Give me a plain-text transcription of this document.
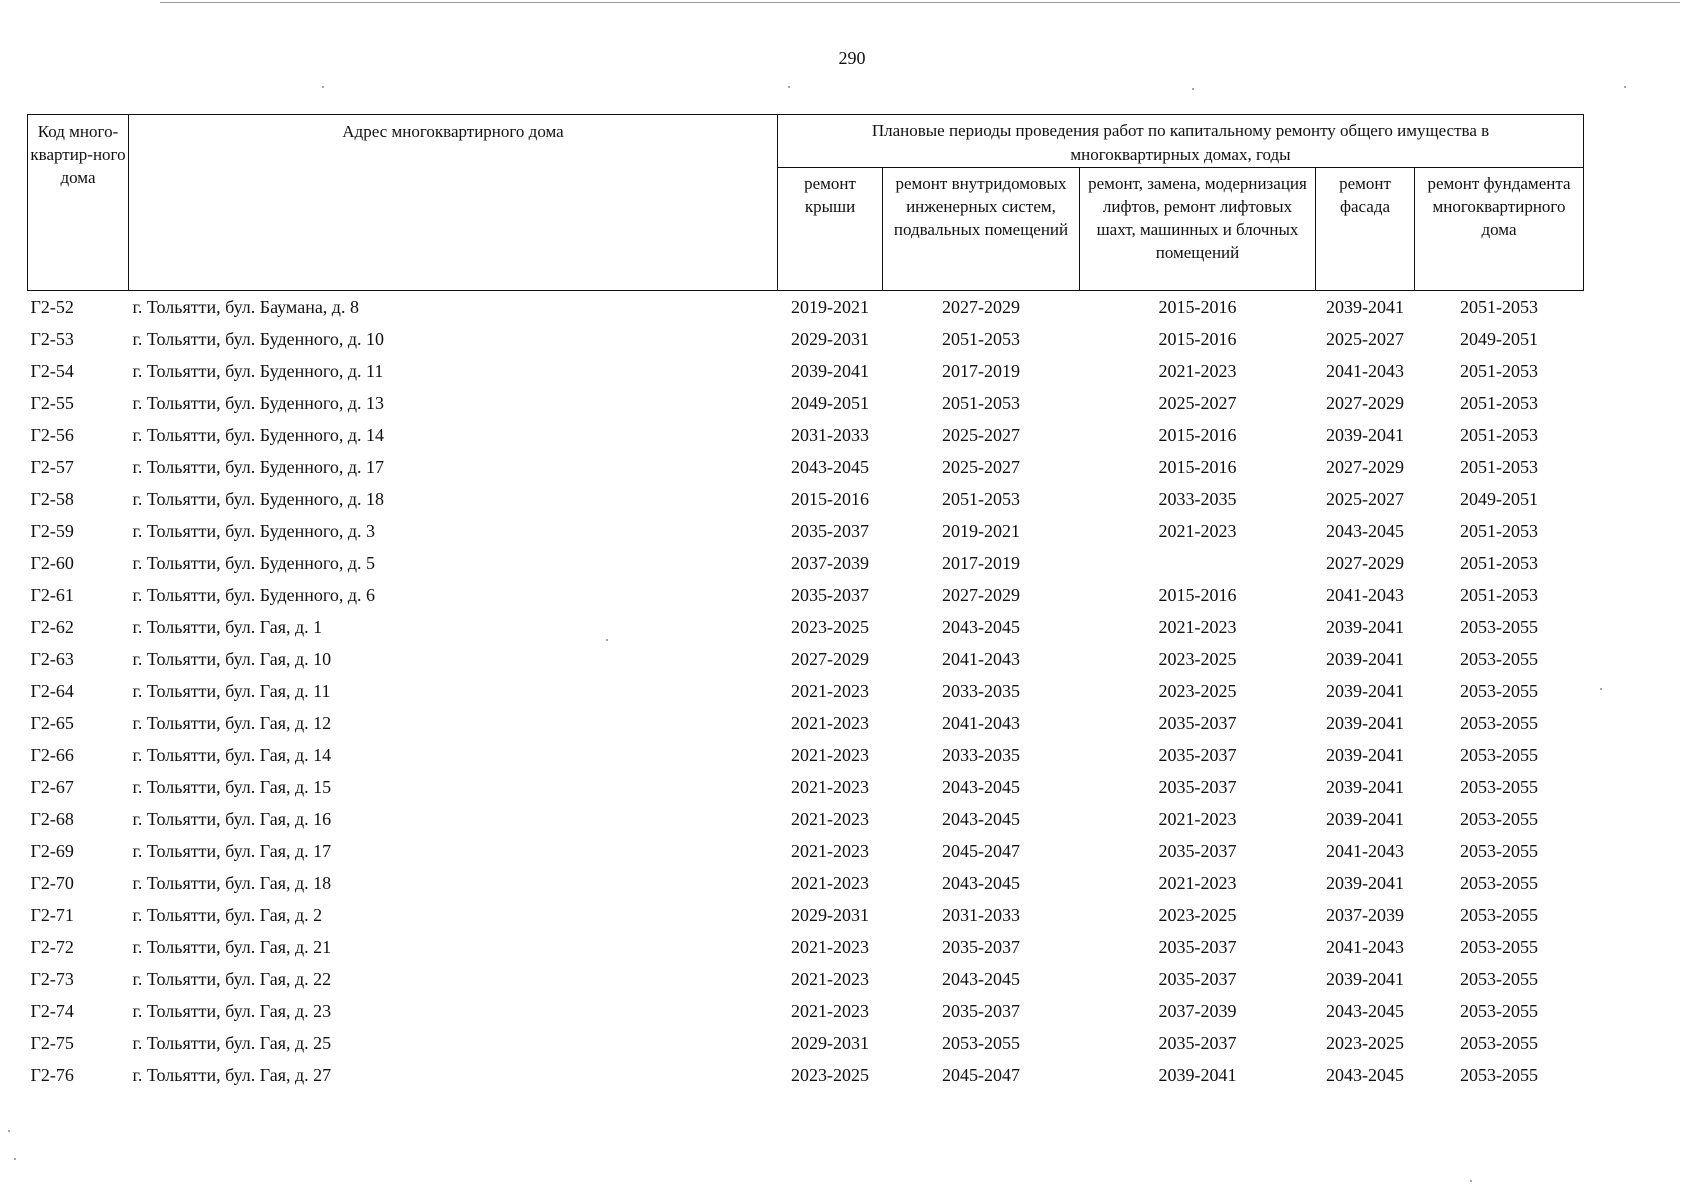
290
Код много-квартир-ного дома	Адрес многоквартирного дома	Плановые периоды проведения работ по капитальному ремонту общего имущества в многоквартирных домах, годы				
		ремонт крыши	ремонт внутридомовых инженерных систем, подвальных помещений	ремонт, замена, модернизация лифтов, ремонт лифтовых шахт, машинных и блочных помещений	ремонт фасада	ремонт фундамента многоквартирного дома
Г2-52	г. Тольятти, бул. Баумана, д. 8	2019-2021	2027-2029	2015-2016	2039-2041	2051-2053
Г2-53	г. Тольятти, бул. Буденного, д. 10	2029-2031	2051-2053	2015-2016	2025-2027	2049-2051
Г2-54	г. Тольятти, бул. Буденного, д. 11	2039-2041	2017-2019	2021-2023	2041-2043	2051-2053
Г2-55	г. Тольятти, бул. Буденного, д. 13	2049-2051	2051-2053	2025-2027	2027-2029	2051-2053
Г2-56	г. Тольятти, бул. Буденного, д. 14	2031-2033	2025-2027	2015-2016	2039-2041	2051-2053
Г2-57	г. Тольятти, бул. Буденного, д. 17	2043-2045	2025-2027	2015-2016	2027-2029	2051-2053
Г2-58	г. Тольятти, бул. Буденного, д. 18	2015-2016	2051-2053	2033-2035	2025-2027	2049-2051
Г2-59	г. Тольятти, бул. Буденного, д. 3	2035-2037	2019-2021	2021-2023	2043-2045	2051-2053
Г2-60	г. Тольятти, бул. Буденного, д. 5	2037-2039	2017-2019		2027-2029	2051-2053
Г2-61	г. Тольятти, бул. Буденного, д. 6	2035-2037	2027-2029	2015-2016	2041-2043	2051-2053
Г2-62	г. Тольятти, бул. Гая, д. 1	2023-2025	2043-2045	2021-2023	2039-2041	2053-2055
Г2-63	г. Тольятти, бул. Гая, д. 10	2027-2029	2041-2043	2023-2025	2039-2041	2053-2055
Г2-64	г. Тольятти, бул. Гая, д. 11	2021-2023	2033-2035	2023-2025	2039-2041	2053-2055
Г2-65	г. Тольятти, бул. Гая, д. 12	2021-2023	2041-2043	2035-2037	2039-2041	2053-2055
Г2-66	г. Тольятти, бул. Гая, д. 14	2021-2023	2033-2035	2035-2037	2039-2041	2053-2055
Г2-67	г. Тольятти, бул. Гая, д. 15	2021-2023	2043-2045	2035-2037	2039-2041	2053-2055
Г2-68	г. Тольятти, бул. Гая, д. 16	2021-2023	2043-2045	2021-2023	2039-2041	2053-2055
Г2-69	г. Тольятти, бул. Гая, д. 17	2021-2023	2045-2047	2035-2037	2041-2043	2053-2055
Г2-70	г. Тольятти, бул. Гая, д. 18	2021-2023	2043-2045	2021-2023	2039-2041	2053-2055
Г2-71	г. Тольятти, бул. Гая, д. 2	2029-2031	2031-2033	2023-2025	2037-2039	2053-2055
Г2-72	г. Тольятти, бул. Гая, д. 21	2021-2023	2035-2037	2035-2037	2041-2043	2053-2055
Г2-73	г. Тольятти, бул. Гая, д. 22	2021-2023	2043-2045	2035-2037	2039-2041	2053-2055
Г2-74	г. Тольятти, бул. Гая, д. 23	2021-2023	2035-2037	2037-2039	2043-2045	2053-2055
Г2-75	г. Тольятти, бул. Гая, д. 25	2029-2031	2053-2055	2035-2037	2023-2025	2053-2055
Г2-76	г. Тольятти, бул. Гая, д. 27	2023-2025	2045-2047	2039-2041	2043-2045	2053-2055
